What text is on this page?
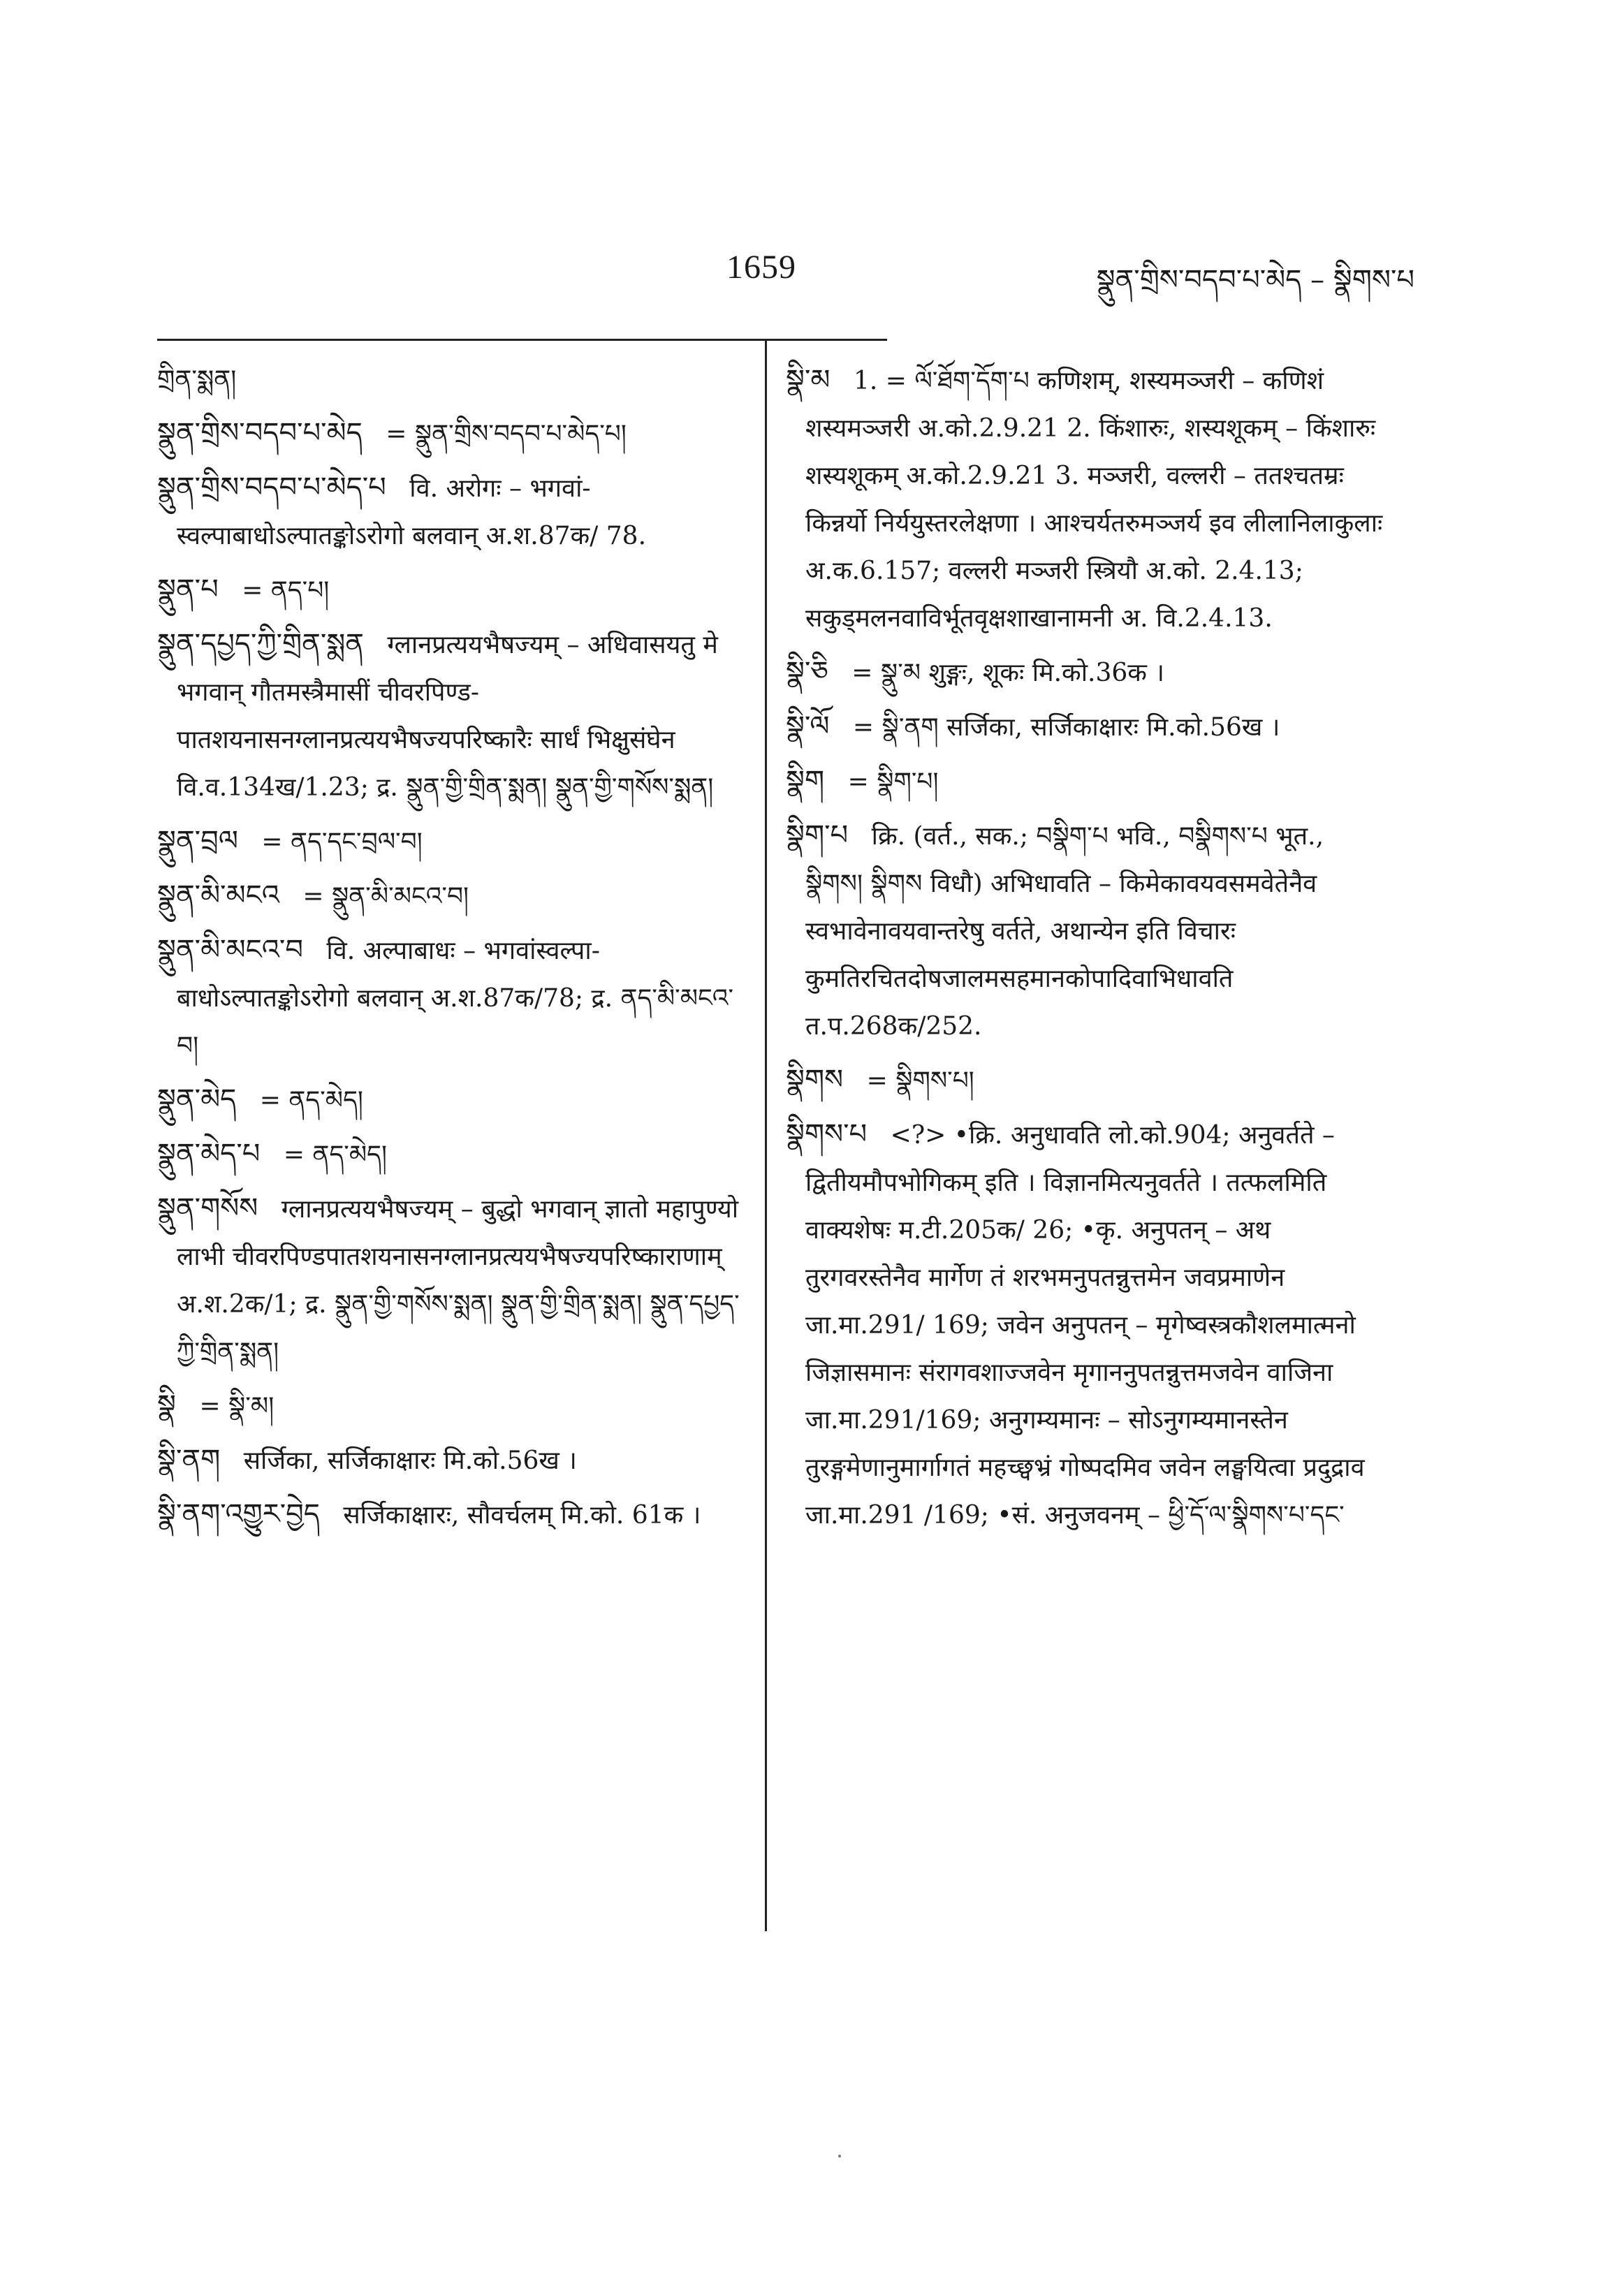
1659	སྣུན་གྲིས་བདབ་པ་མེད – སྣིགས་པ
གྲིན་སྨན།
སྣུན་གྲིས་བདབ་པ་མེད = སྣུན་གྲིས་བདབ་པ་མེད་པ།
སྣུན་གྲིས་བདབ་པ་མེད་པ वि. अरोगः – भगवांस्वल्पाबाधोऽल्पातङ्कोऽरोगो बलवान् अ.श.87क/ 78.
སྣུན་པ = ནད་པ།
སྣུན་དཔྱད་ཀྱི་གྲིན་སྨན ग्लानप्रत्ययभैषज्यम् – अधिवासयतु मे भगवान् गौतमस्त्रैमासीं चीवरपिण्डपातशयनासनग्लानप्रत्ययभैषज्यपरिष्कारैः सार्धं भिक्षुसंघेन वि.व.134ख/1.23; द्र. སྣུན་གྱི་གྲིན་སྨན། སྣུན་གྱི་གསོས་སྨན།
སྣུན་བྲལ = ནད་དང་བྲལ་བ།
སྣུན་མི་མངའ = སྣུན་མི་མངའ་བ།
སྣུན་མི་མངའ་བ वि. अल्पाबाधः – भगवांस्वल्पाबाधोऽल्पातङ्कोऽरोगो बलवान् अ.श.87क/78; द्र. ནད་མི་མངའ་བ།
སྣུན་མེད = ནད་མེད།
སྣུན་མེད་པ = ནད་མེད།
སྣུན་གསོས ग्लानप्रत्ययभैषज्यम् – बुद्धो भगवान् ज्ञातो महापुण्यो लाभी चीवरपिण्डपातशयनासनग्लानप्रत्ययभैषज्यपरिष्काराणाम् अ.श.2क/1; द्र. སྣུན་གྱི་གསོས་སྨན། སྣུན་གྱི་གྲིན་སྨན། སྣུན་དཔྱད་ཀྱི་གྲིན་སྨན།
སྣི = སྣི་མ།
སྣི་ནག सर्जिका, सर्जिकाक्षारः मि.को.56ख ।
སྣི་ནག་འགྱུར་བྱེད सर्जिकाक्षारः, सौवर्चलम् मि.को. 61क ।
སྣི་མ 1. = ལོ་ཐོག་དོག་པ कणिशम्, शस्यमञ्जरी – कणिशं शस्यमञ्जरी अ.को.2.9.21 2. किंशारुः, शस्यशूकम् – किंशारुः शस्यशूकम् अ.को.2.9.21 3. मञ्जरी, वल्लरी – ततश्चतम्रः किन्नर्यो निर्ययुस्तरलेक्षणा । आश्चर्यतरुमञ्जर्य इव लीलानिलाकुलाः अ.क.6.157; वल्लरी मञ्जरी स्त्रियौ अ.को. 2.4.13; सकुड्मलनवाविर्भूतवृक्षशाखानामनी अ. वि.2.4.13.
སྣི་ཅི = སྣུ་མ शुङ्गः, शूकः मि.को.36क ।
སྣི་ལོ = སྣི་ནག सर्जिका, सर्जिकाक्षारः मि.को.56ख ।
སྣིག = སྣིག་པ།
སྣིག་པ क्रि. (वर्त., सक.; བསྣིག་པ भवि., བསྣིགས་པ भूत., སྣིགས། སྣིགས विधौ) अभिधावति – किमेकावयवसमवेतेनैव स्वभावेनावयवान्तरेषु वर्तते, अथान्येन इति विचारः कुमतिरचितदोषजालमसहमानकोपादिवाभिधावति त.प.268क/252.
སྣིགས = སྣིགས་པ།
སྣིགས་པ <?> •क्रि. अनुधावति लो.को.904; अनुवर्तते – द्वितीयमौपभोगिकम् इति । विज्ञानमित्यनुवर्तते । तत्फलमिति वाक्यशेषः म.टी.205क/ 26; •कृ. अनुपतन् – अथ तुरगवरस्तेनैव मार्गेण तं शरभमनुपतन्नुत्तमेन जवप्रमाणेन जा.मा.291/ 169; जवेन अनुपतन् – मृगेष्वस्त्रकौशलमात्मनो जिज्ञासमानः संरागवशाज्जवेन मृगाननुपतन्नुत्तमजवेन वाजिना जा.मा.291/169; अनुगम्यमानः – सोऽनुगम्यमानस्तेन तुरङ्गमेणानुमार्गागतं महच्छ्वभ्रं गोष्पदमिव जवेन लङ्घयित्वा प्रदुद्राव जा.मा.291 /169; •सं. अनुजवनम् – ཕྱི་དོ་ལ་སྣིགས་པ་དང་
